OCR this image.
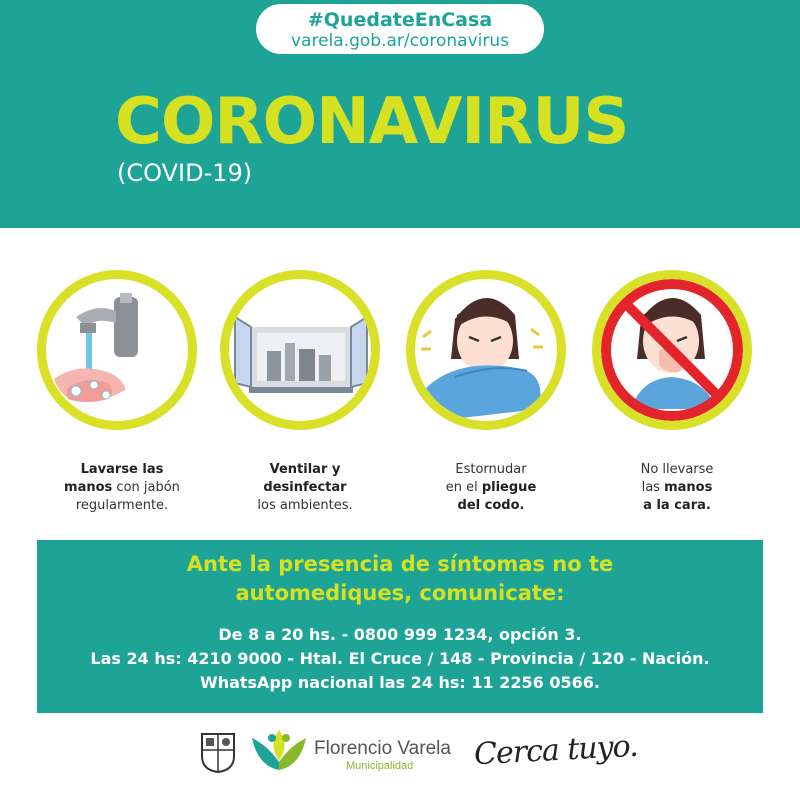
#QuedateEnCasa
varela.gob.ar/coronavirus
CORONAVIRUS
(COVID-19)
Lavarse las
manos con jabón
regularmente.
Ventilar y
desinfectar
los ambientes.
Estornudar
en el pliegue
del codo.
No llevarse
las manos
a la cara.
Ante la presencia de síntomas no te
automediques, comunicate:
De 8 a 20 hs. - 0800 999 1234, opción 3.
Las 24 hs: 4210 9000 - Htal. El Cruce / 148 - Provincia / 120 - Nación.
WhatsApp nacional las 24 hs: 11 2256 0566.
Florencio Varela
Municipalidad Cerca tuyo.
